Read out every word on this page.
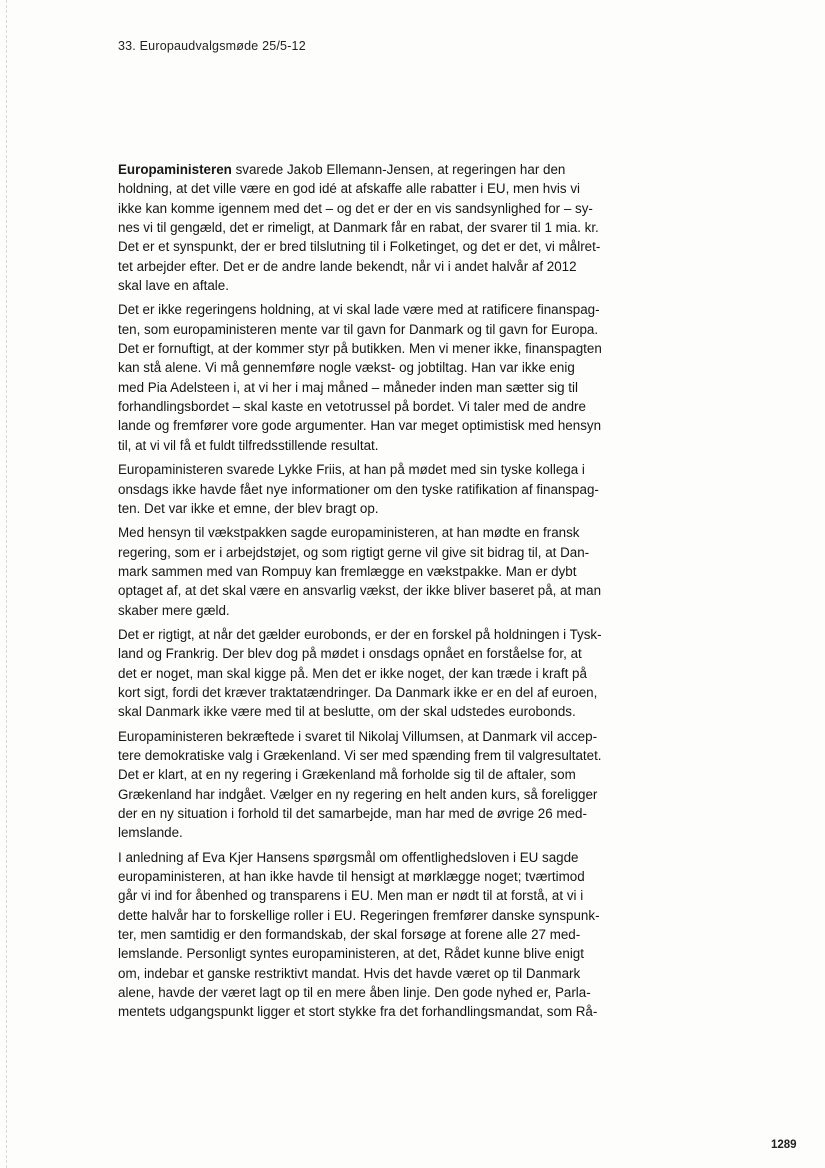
33. Europaudvalgsmøde 25/5-12

Europaministeren svarede Jakob Ellemann-Jensen, at regeringen har den
holdning, at det ville være en god idé at afskaffe alle rabatter i EU, men hvis vi
ikke kan komme igennem med det – og det er der en vis sandsynlighed for – sy-
nes vi til gengæld, det er rimeligt, at Danmark får en rabat, der svarer til 1 mia. kr.
Det er et synspunkt, der er bred tilslutning til i Folketinget, og det er det, vi målret-
tet arbejder efter. Det er de andre lande bekendt, når vi i andet halvår af 2012
skal lave en aftale.

Det er ikke regeringens holdning, at vi skal lade være med at ratificere finanspag-
ten, som europaministeren mente var til gavn for Danmark og til gavn for Europa.
Det er fornuftigt, at der kommer styr på butikken. Men vi mener ikke, finanspagten
kan stå alene. Vi må gennemføre nogle vækst- og jobtiltag. Han var ikke enig
med Pia Adelsteen i, at vi her i maj måned – måneder inden man sætter sig til
forhandlingsbordet – skal kaste en vetotrussel på bordet. Vi taler med de andre
lande og fremfører vore gode argumenter. Han var meget optimistisk med hensyn
til, at vi vil få et fuldt tilfredsstillende resultat.

Europaministeren svarede Lykke Friis, at han på mødet med sin tyske kollega i
onsdags ikke havde fået nye informationer om den tyske ratifikation af finanspag-
ten. Det var ikke et emne, der blev bragt op.

Med hensyn til vækstpakken sagde europaministeren, at han mødte en fransk
regering, som er i arbejdstøjet, og som rigtigt gerne vil give sit bidrag til, at Dan-
mark sammen med van Rompuy kan fremlægge en vækstpakke. Man er dybt
optaget af, at det skal være en ansvarlig vækst, der ikke bliver baseret på, at man
skaber mere gæld.

Det er rigtigt, at når det gælder eurobonds, er der en forskel på holdningen i Tysk-
land og Frankrig. Der blev dog på mødet i onsdags opnået en forståelse for, at
det er noget, man skal kigge på. Men det er ikke noget, der kan træde i kraft på
kort sigt, fordi det kræver traktatændringer. Da Danmark ikke er en del af euroen,
skal Danmark ikke være med til at beslutte, om der skal udstedes eurobonds.

Europaministeren bekræftede i svaret til Nikolaj Villumsen, at Danmark vil accep-
tere demokratiske valg i Grækenland. Vi ser med spænding frem til valgresultatet.
Det er klart, at en ny regering i Grækenland må forholde sig til de aftaler, som
Grækenland har indgået. Vælger en ny regering en helt anden kurs, så foreligger
der en ny situation i forhold til det samarbejde, man har med de øvrige 26 med-
lemslande.

I anledning af Eva Kjer Hansens spørgsmål om offentlighedsloven i EU sagde
europaministeren, at han ikke havde til hensigt at mørklægge noget; tværtimod
går vi ind for åbenhed og transparens i EU. Men man er nødt til at forstå, at vi i
dette halvår har to forskellige roller i EU. Regeringen fremfører danske synspunk-
ter, men samtidig er den formandskab, der skal forsøge at forene alle 27 med-
lemslande. Personligt syntes europaministeren, at det, Rådet kunne blive enigt
om, indebar et ganske restriktivt mandat. Hvis det havde været op til Danmark
alene, havde der været lagt op til en mere åben linje. Den gode nyhed er, Parla-
mentets udgangspunkt ligger et stort stykke fra det forhandlingsmandat, som Rå-

1289
